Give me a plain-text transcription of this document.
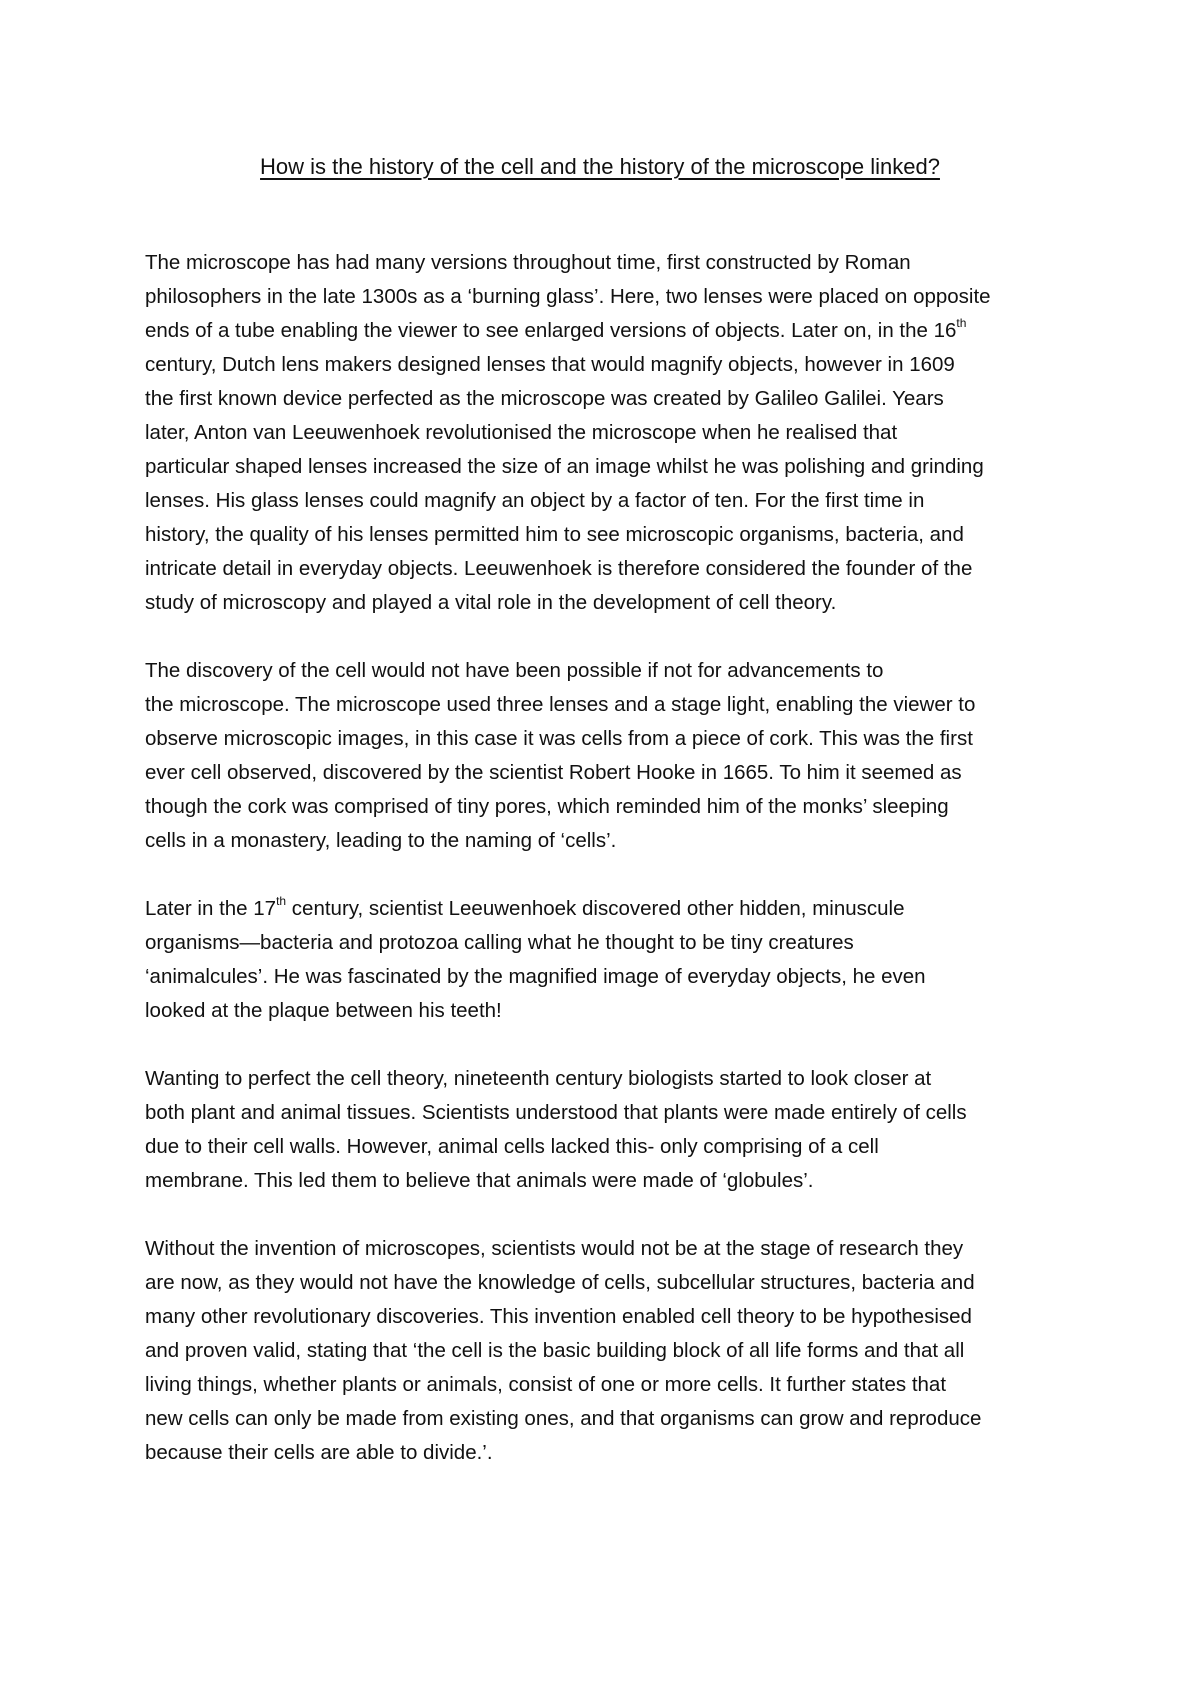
How is the history of the cell and the history of the microscope linked?
The microscope has had many versions throughout time, first constructed by Roman
philosophers in the late 1300s as a ‘burning glass’. Here, two lenses were placed on opposite
ends of a tube enabling the viewer to see enlarged versions of objects. Later on, in the 16th
century, Dutch lens makers designed lenses that would magnify objects, however in 1609
the first known device perfected as the microscope was created by Galileo Galilei. Years
later, Anton van Leeuwenhoek revolutionised the microscope when he realised that
particular shaped lenses increased the size of an image whilst he was polishing and grinding
lenses. His glass lenses could magnify an object by a factor of ten. For the first time in
history, the quality of his lenses permitted him to see microscopic organisms, bacteria, and
intricate detail in everyday objects. Leeuwenhoek is therefore considered the founder of the
study of microscopy and played a vital role in the development of cell theory.
The discovery of the cell would not have been possible if not for advancements to
the microscope. The microscope used three lenses and a stage light, enabling the viewer to
observe microscopic images, in this case it was cells from a piece of cork. This was the first
ever cell observed, discovered by the scientist Robert Hooke in 1665. To him it seemed as
though the cork was comprised of tiny pores, which reminded him of the monks’ sleeping
cells in a monastery, leading to the naming of ‘cells’.
Later in the 17th century, scientist Leeuwenhoek discovered other hidden, minuscule
organisms—bacteria and protozoa calling what he thought to be tiny creatures
‘animalcules’. He was fascinated by the magnified image of everyday objects, he even
looked at the plaque between his teeth!
Wanting to perfect the cell theory, nineteenth century biologists started to look closer at
both plant and animal tissues. Scientists understood that plants were made entirely of cells
due to their cell walls. However, animal cells lacked this- only comprising of a cell
membrane. This led them to believe that animals were made of ‘globules’.
Without the invention of microscopes, scientists would not be at the stage of research they
are now, as they would not have the knowledge of cells, subcellular structures, bacteria and
many other revolutionary discoveries. This invention enabled cell theory to be hypothesised
and proven valid, stating that ‘the cell is the basic building block of all life forms and that all
living things, whether plants or animals, consist of one or more cells. It further states that
new cells can only be made from existing ones, and that organisms can grow and reproduce
because their cells are able to divide.’.
